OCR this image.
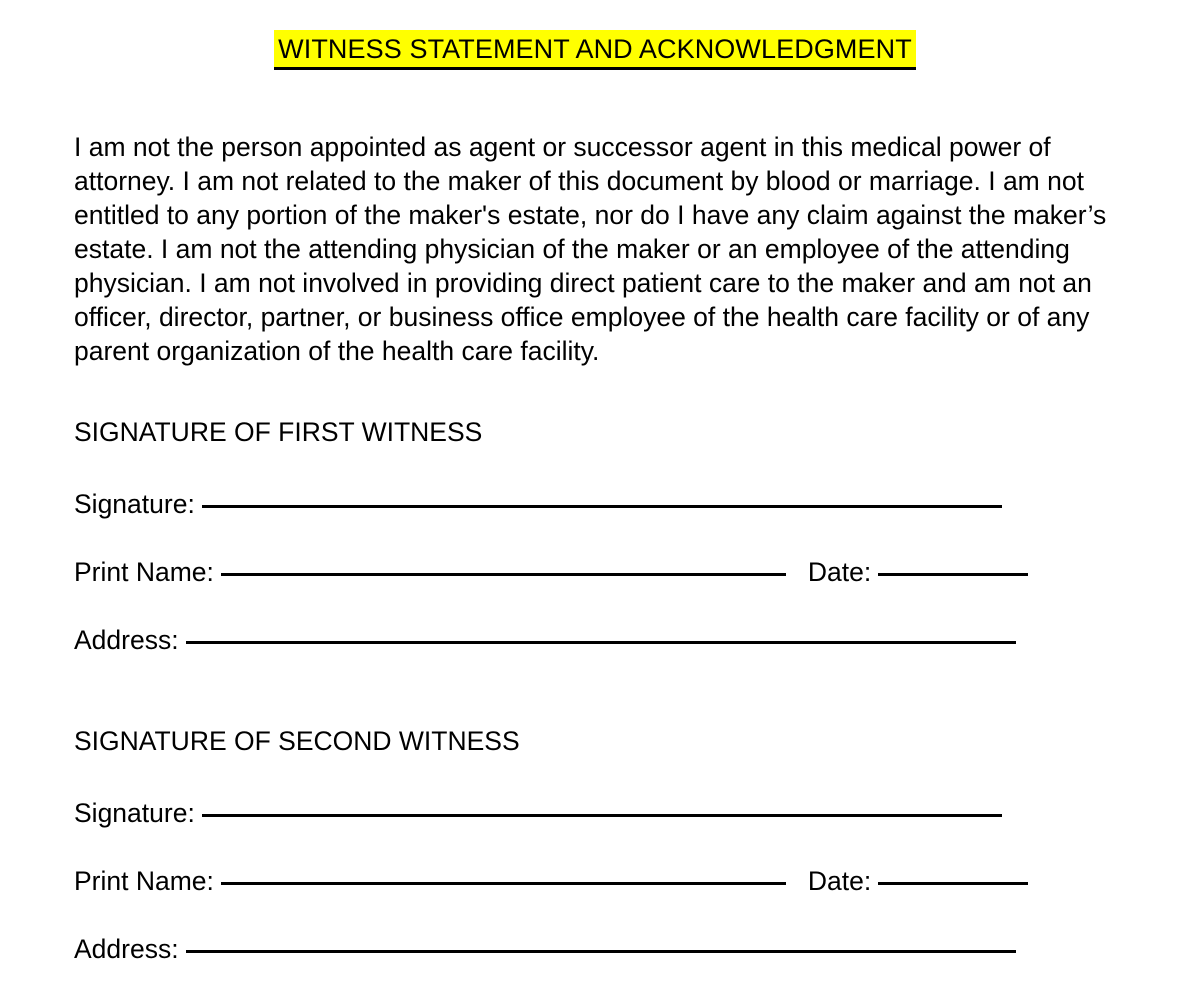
WITNESS STATEMENT AND ACKNOWLEDGMENT

I am not the person appointed as agent or successor agent in this medical power of attorney. I am not related to the maker of this document by blood or marriage. I am not entitled to any portion of the maker's estate, nor do I have any claim against the maker’s estate. I am not the attending physician of the maker or an employee of the attending physician. I am not involved in providing direct patient care to the maker and am not an officer, director, partner, or business office employee of the health care facility or of any parent organization of the health care facility.

SIGNATURE OF FIRST WITNESS
Signature:
Print Name:	Date:
Address:
SIGNATURE OF SECOND WITNESS
Signature:
Print Name:	Date:
Address:
